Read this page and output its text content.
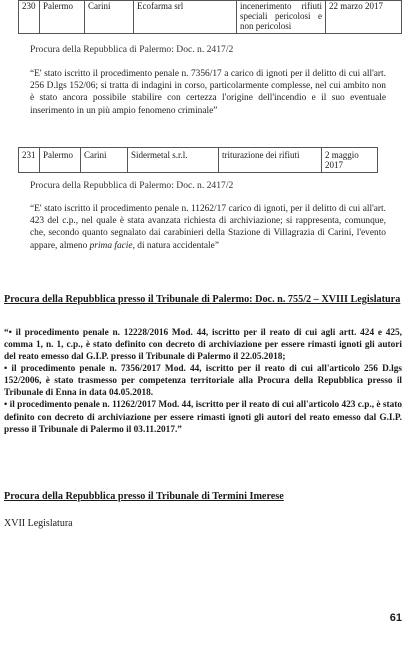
230	Palermo	Carini	Ecofarma srl	incenerimento rifiuti speciali pericolosi e non pericolosi	22 marzo 2017

Procura della Repubblica di Palermo: Doc. n. 2417/2

“E' stato iscritto il procedimento penale n. 7356/17 a carico di ignoti per il delitto di cui all'art. 256 D.lgs 152/06; si tratta di indagini in corso, particolarmente complesse, nel cui ambito non è stato ancora possibile stabilire con certezza l'origine dell'incendio e il suo eventuale inserimento in un più ampio fenomeno criminale”

231	Palermo	Carini	Sidermetal s.r.l.	triturazione dei rifiuti	2 maggio 2017

Procura della Repubblica di Palermo: Doc. n. 2417/2

“E' stato iscritto il procedimento penale n. 11262/17 carico di ignoti, per il delitto di cui all'art. 423 del c.p., nel quale è stata avanzata richiesta di archiviazione; si rappresenta, comunque, che, secondo quanto segnalato dai carabinieri della Stazione di Villagrazia di Carini, l'evento appare, almeno prima facie, di natura accidentale”

Procura della Repubblica presso il Tribunale di Palermo: Doc. n. 755/2 – XVIII Legislatura

“• il procedimento penale n. 12228/2016 Mod. 44, iscritto per il reato di cui agli artt. 424 e 425, comma 1, n. 1, c.p., è stato definito con decreto di archiviazione per essere rimasti ignoti gli autori del reato emesso dal G.I.P. presso il Tribunale di Palermo il 22.05.2018;

• il procedimento penale n. 7356/2017 Mod. 44, iscritto per il reato di cui all'articolo 256 D.lgs 152/2006, è stato trasmesso per competenza territoriale alla Procura della Repubblica presso il Tribunale di Enna in data 04.05.2018.

• il procedimento penale n. 11262/2017 Mod. 44, iscritto per il reato di cui all'articolo 423 c.p., è stato definito con decreto di archiviazione per essere rimasti ignoti gli autori del reato emesso dal G.I.P. presso il Tribunale di Palermo il 03.11.2017.”

Procura della Repubblica presso il Tribunale di Termini Imerese

XVII Legislatura

61
